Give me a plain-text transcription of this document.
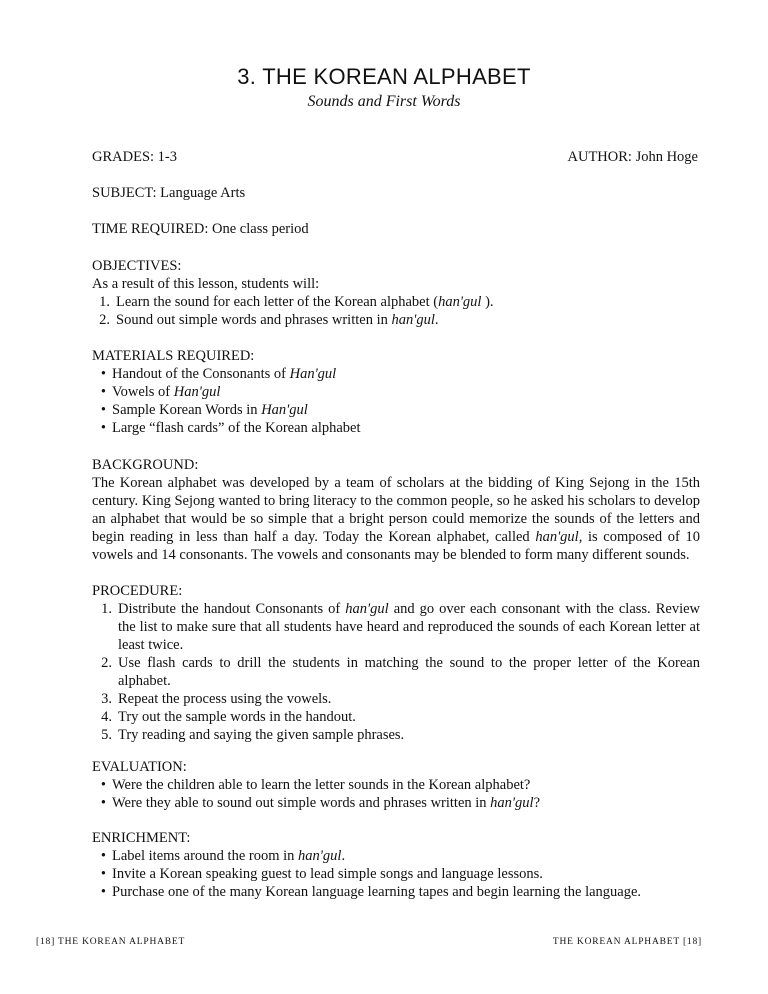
3. THE KOREAN ALPHABET
Sounds and First Words
GRADES: 1-3	AUTHOR: John Hoge
SUBJECT: Language Arts
TIME REQUIRED: One class period
OBJECTIVES:
As a result of this lesson, students will:
1. Learn the sound for each letter of the Korean alphabet (han'gul ).
2. Sound out simple words and phrases written in han'gul.
MATERIALS REQUIRED:
• Handout of the Consonants of Han'gul
• Vowels of Han'gul
• Sample Korean Words in Han'gul
• Large “flash cards” of the Korean alphabet
BACKGROUND:
The Korean alphabet was developed by a team of scholars at the bidding of King Sejong in the 15th century. King Sejong wanted to bring literacy to the common people, so he asked his scholars to develop an alphabet that would be so simple that a bright person could memorize the sounds of the letters and begin reading in less than half a day. Today the Korean alphabet, called han'gul, is composed of 10 vowels and 14 consonants. The vowels and consonants may be blended to form many different sounds.
PROCEDURE:
1. Distribute the handout Consonants of han'gul and go over each consonant with the class. Review the list to make sure that all students have heard and reproduced the sounds of each Korean letter at least twice.
2. Use flash cards to drill the students in matching the sound to the proper letter of the Korean alphabet.
3. Repeat the process using the vowels.
4. Try out the sample words in the handout.
5. Try reading and saying the given sample phrases.
EVALUATION:
• Were the children able to learn the letter sounds in the Korean alphabet?
• Were they able to sound out simple words and phrases written in han'gul?
ENRICHMENT:
• Label items around the room in han'gul.
• Invite a Korean speaking guest to lead simple songs and language lessons.
• Purchase one of the many Korean language learning tapes and begin learning the language.
[18] THE KOREAN ALPHABET	THE KOREAN ALPHABET [18]
